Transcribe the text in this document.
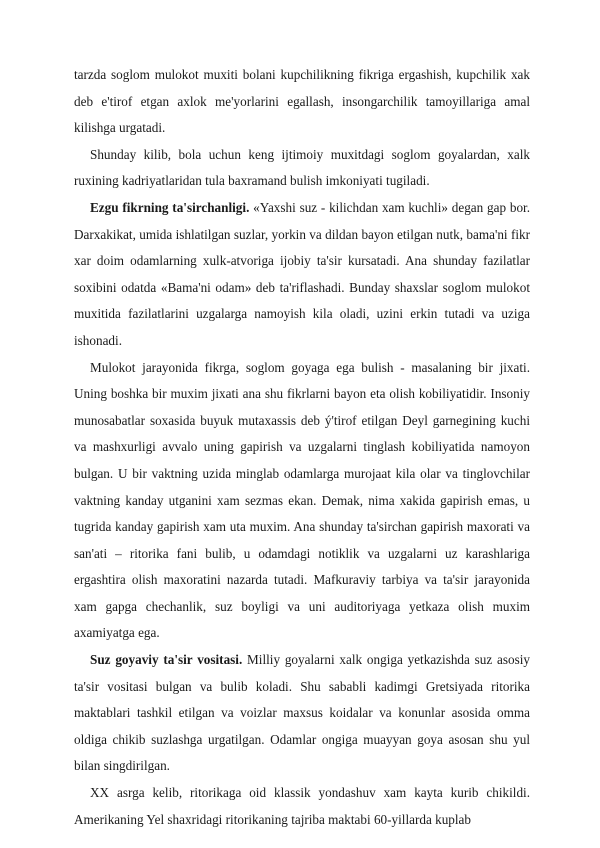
tarzda soglom mulokot muxiti bolani kupchilikning fikriga ergashish, kupchilik xak deb e'tirof etgan axlok me'yorlarini egallash, insongarchilik tamoyillariga amal kilishga urgatadi.

Shunday kilib, bola uchun keng ijtimoiy muxitdagi soglom goyalardan, xalk ruxining kadriyatlaridan tula baxramand bulish imkoniyati tugiladi.

Ezgu fikrning ta'sirchanligi. «Yaxshi suz - kilichdan xam kuchli» degan gap bor. Darxakikat, umida ishlatilgan suzlar, yorkin va dildan bayon etilgan nutk, bama'ni fikr xar doim odamlarning xulk-atvoriga ijobiy ta'sir kursatadi. Ana shunday fazilatlar soxibini odatda «Bama'ni odam» deb ta'riflashadi. Bunday shaxslar soglom mulokot muxitida fazilatlarini uzgalarga namoyish kila oladi, uzini erkin tutadi va uziga ishonadi.

Mulokot jarayonida fikrga, soglom goyaga ega bulish - masalaning bir jixati. Uning boshka bir muxim jixati ana shu fikrlarni bayon eta olish kobiliyatidir. Insoniy munosabatlar soxasida buyuk mutaxassis deb ý'tirof etilgan Deyl garnegining kuchi va mashxurligi avvalo uning gapirish va uzgalarni tinglash kobiliyatida namoyon bulgan. U bir vaktning uzida minglab odamlarga murojaat kila olar va tinglovchilar vaktning kanday utganini xam sezmas ekan. Demak, nima xakida gapirish emas, u tugrida kanday gapirish xam uta muxim. Ana shunday ta'sirchan gapirish maxorati va san'ati – ritorika fani bulib, u odamdagi notiklik va uzgalarni uz karashlariga ergashtira olish maxoratini nazarda tutadi. Mafkuraviy tarbiya va ta'sir jarayonida xam gapga chechanlik, suz boyligi va uni auditoriyaga yetkaza olish muxim axamiyatga ega.

Suz goyaviy ta'sir vositasi. Milliy goyalarni xalk ongiga yetkazishda suz asosiy ta'sir vositasi bulgan va bulib koladi. Shu sababli kadimgi Gretsiyada ritorika maktablari tashkil etilgan va voizlar maxsus koidalar va konunlar asosida omma oldiga chikib suzlashga urgatilgan. Odamlar ongiga muayyan goya asosan shu yul bilan singdirilgan.

XX asrga kelib, ritorikaga oid klassik yondashuv xam kayta kurib chikildi. Amerikaning Yel shaxridagi ritorikaning tajriba maktabi 60-yillarda kuplab
